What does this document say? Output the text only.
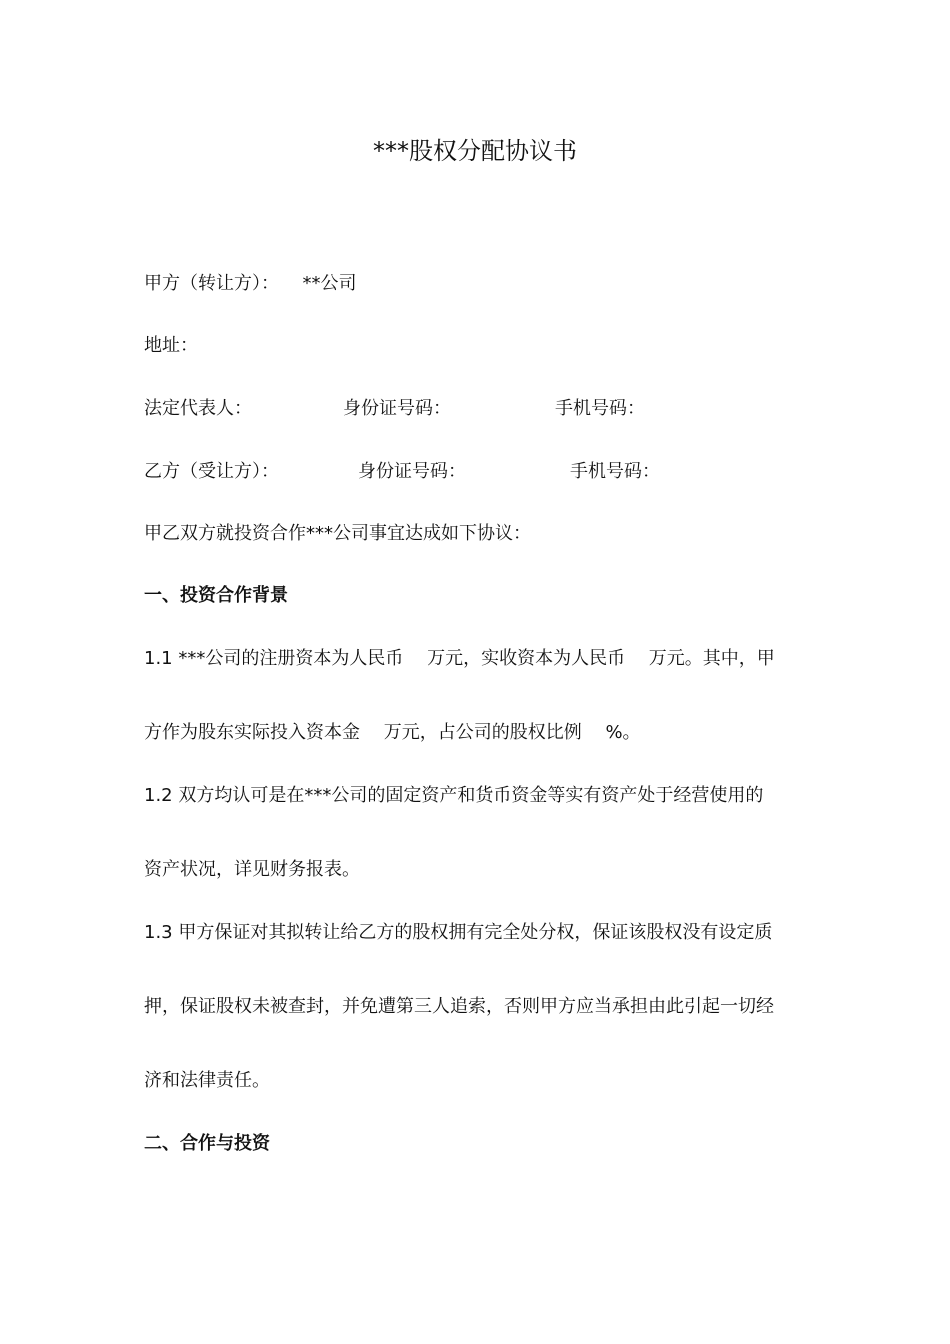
***股权分配协议书
甲方（转让方）： **公司
地址：
法定代表人：	身份证号码：	手机号码：
乙方（受让方）：	身份证号码：	手机号码：
甲乙双方就投资合作***公司事宜达成如下协议：
一、投资合作背景
1.1 ***公司的注册资本为人民币　 万元，实收资本为人民币　 万元。其中，甲
方作为股东实际投入资本金　 万元，占公司的股权比例　 %。
1.2 双方均认可是在***公司的固定资产和货币资金等实有资产处于经营使用的
资产状况，详见财务报表。
1.3 甲方保证对其拟转让给乙方的股权拥有完全处分权，保证该股权没有设定质
押，保证股权未被查封，并免遭第三人追索，否则甲方应当承担由此引起一切经
济和法律责任。
二、合作与投资
